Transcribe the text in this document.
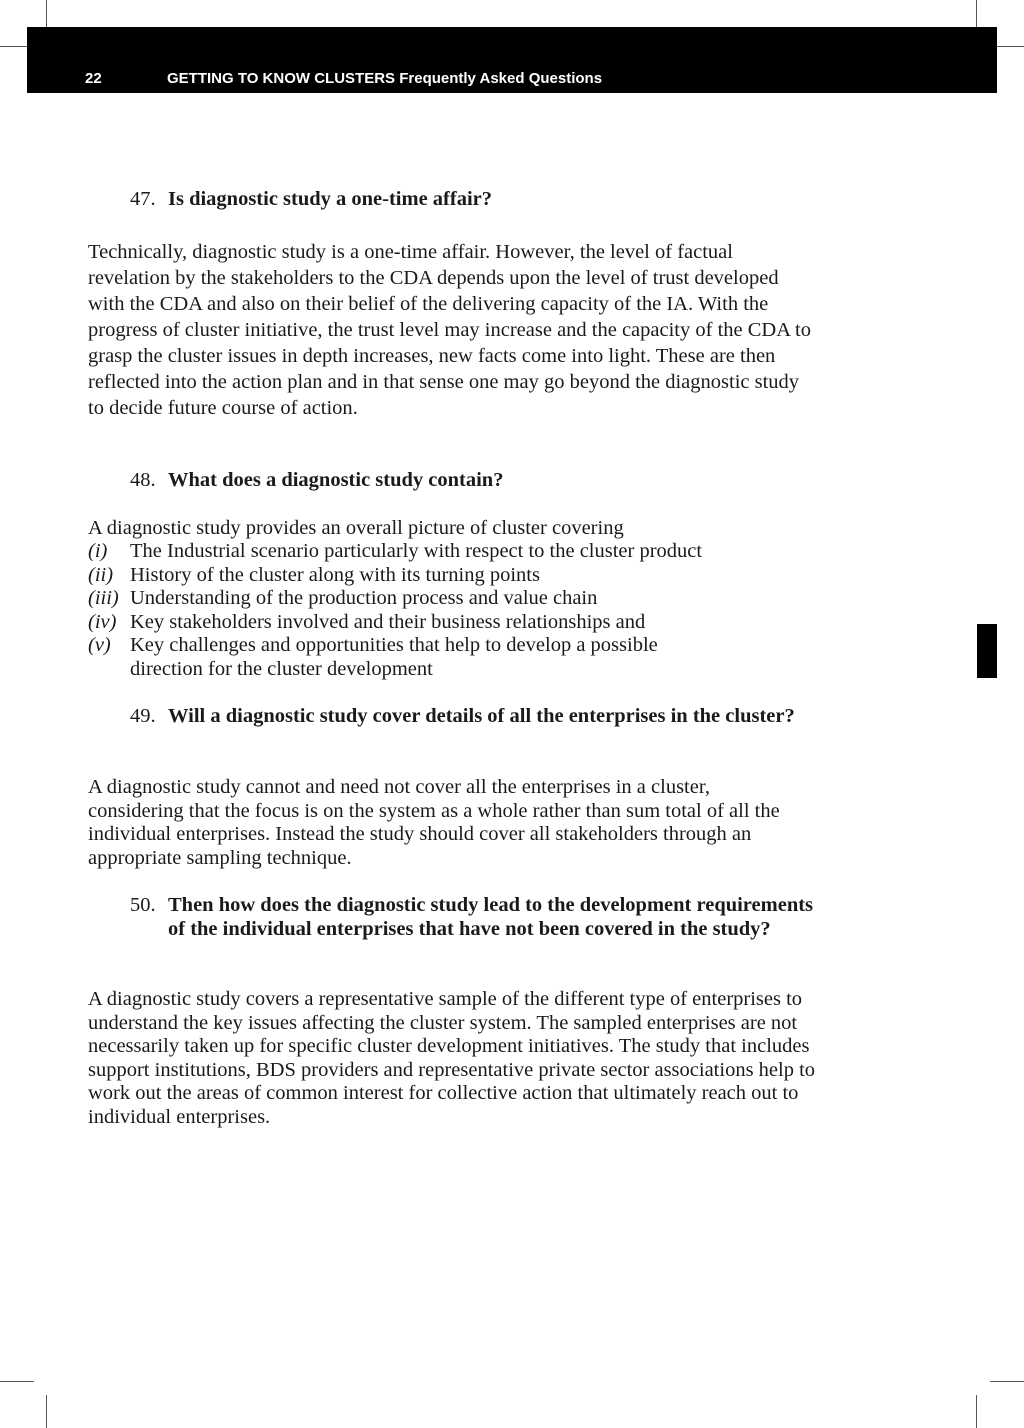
22	GETTING TO KNOW CLUSTERS Frequently Asked Questions
47. Is diagnostic study a one-time affair?

Technically, diagnostic study is a one-time affair. However, the level of factual revelation by the stakeholders to the CDA depends upon the level of trust developed with the CDA and also on their belief of the delivering capacity of the IA. With the progress of cluster initiative, the trust level may increase and the capacity of the CDA to grasp the cluster issues in depth increases, new facts come into light. These are then reflected into the action plan and in that sense one may go beyond the diagnostic study to decide future course of action.

48. What does a diagnostic study contain?
A diagnostic study provides an overall picture of cluster covering
(i) The Industrial scenario particularly with respect to the cluster product
(ii) History of the cluster along with its turning points
(iii) Understanding of the production process and value chain
(iv) Key stakeholders involved and their business relationships and
(v) Key challenges and opportunities that help to develop a possible direction for the cluster development
49. Will a diagnostic study cover details of all the enterprises in the cluster?

A diagnostic study cannot and need not cover all the enterprises in a cluster, considering that the focus is on the system as a whole rather than sum total of all the individual enterprises. Instead the study should cover all stakeholders through an appropriate sampling technique.

50. Then how does the diagnostic study lead to the development requirements of the individual enterprises that have not been covered in the study?

A diagnostic study covers a representative sample of the different type of enterprises to understand the key issues affecting the cluster system. The sampled enterprises are not necessarily taken up for specific cluster development initiatives. The study that includes support institutions, BDS providers and representative private sector associations help to work out the areas of common interest for collective action that ultimately reach out to individual enterprises.
